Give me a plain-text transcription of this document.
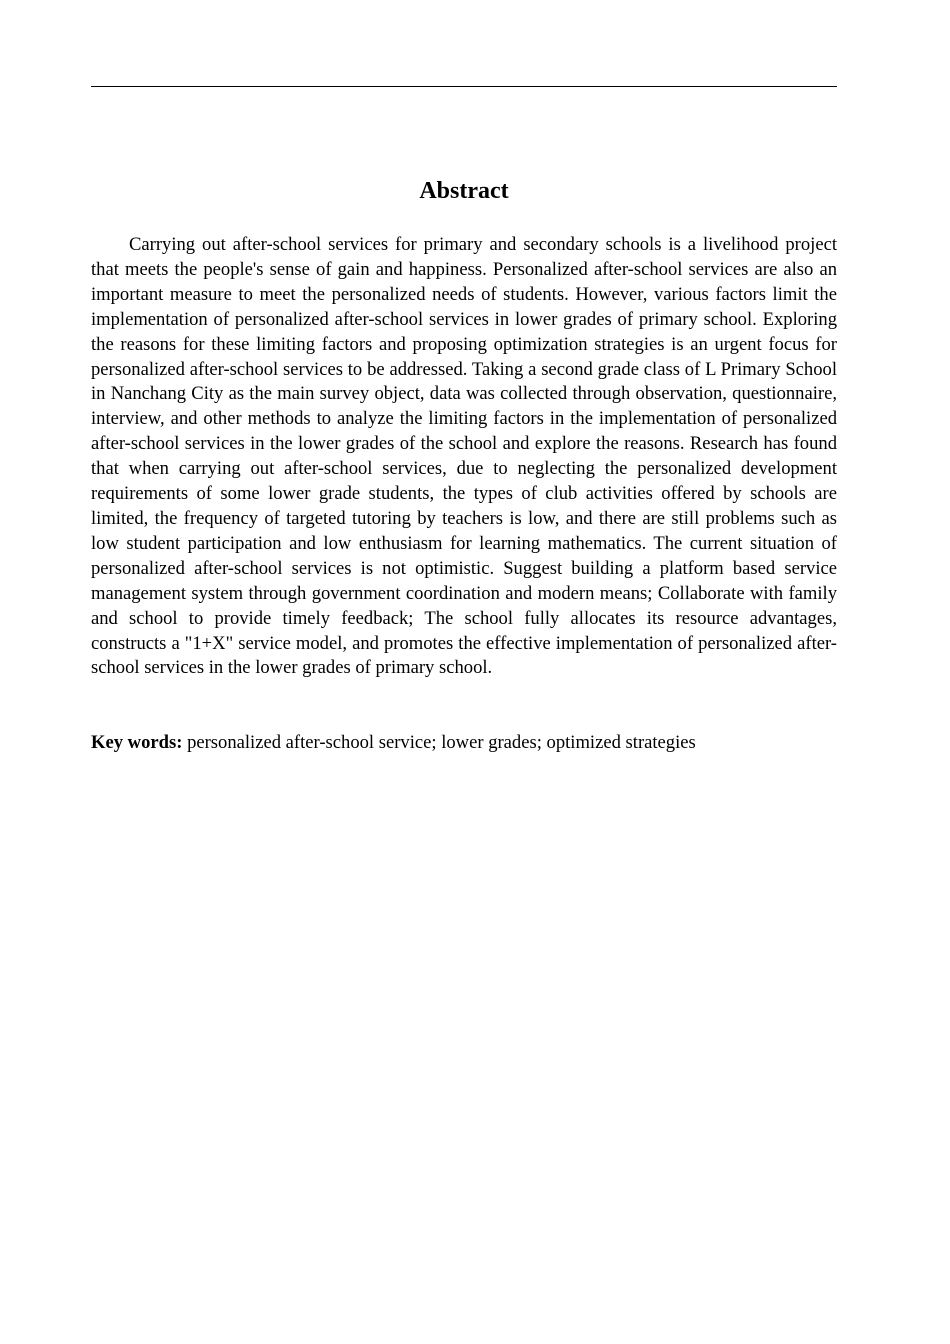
Abstract

Carrying out after-school services for primary and secondary schools is a livelihood project that meets the people's sense of gain and happiness. Personalized after-school services are also an important measure to meet the personalized needs of students. However, various factors limit the implementation of personalized after-school services in lower grades of primary school. Exploring the reasons for these limiting factors and proposing optimization strategies is an urgent focus for personalized after-school services to be addressed. Taking a second grade class of L Primary School in Nanchang City as the main survey object, data was collected through observation, questionnaire, interview, and other methods to analyze the limiting factors in the implementation of personalized after-school services in the lower grades of the school and explore the reasons. Research has found that when carrying out after-school services, due to neglecting the personalized development requirements of some lower grade students, the types of club activities offered by schools are limited, the frequency of targeted tutoring by teachers is low, and there are still problems such as low student participation and low enthusiasm for learning mathematics. The current situation of personalized after-school services is not optimistic. Suggest building a platform based service management system through government coordination and modern means; Collaborate with family and school to provide timely feedback; The school fully allocates its resource advantages, constructs a "1+X" service model, and promotes the effective implementation of personalized after-school services in the lower grades of primary school.

Key words: personalized after-school service; lower grades; optimized strategies
